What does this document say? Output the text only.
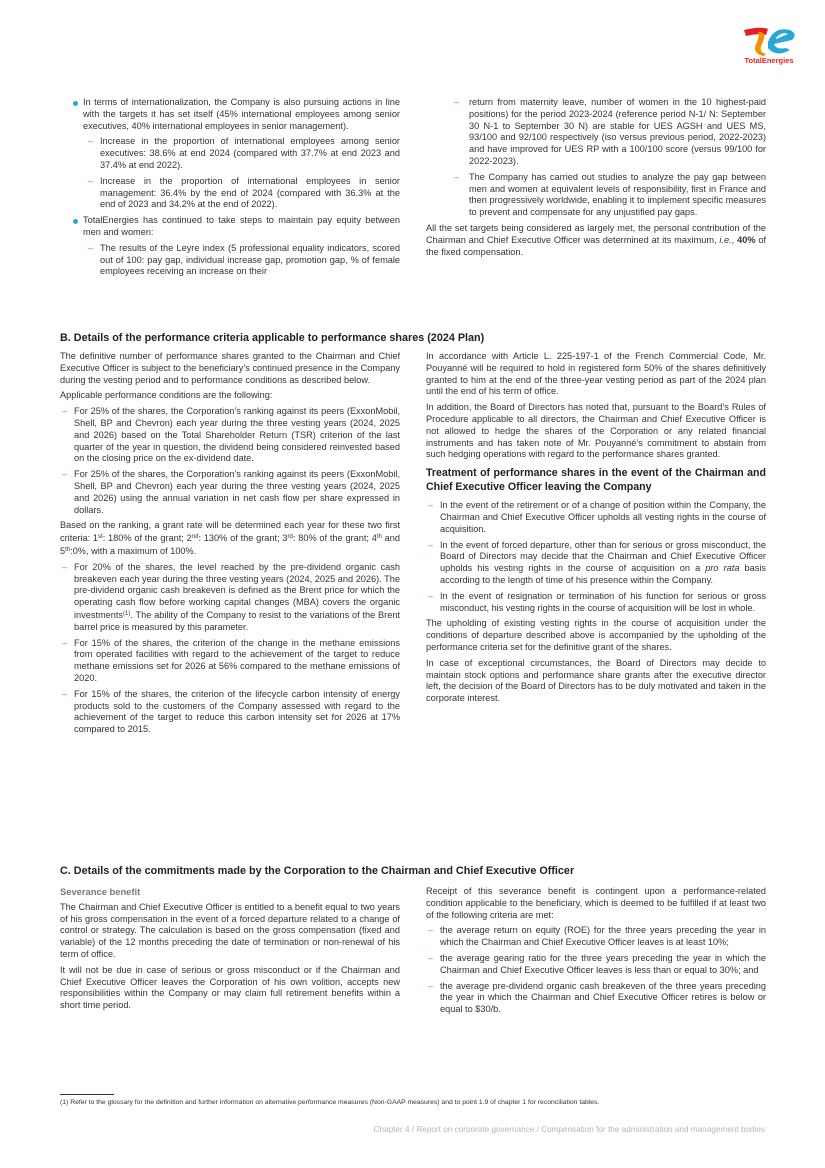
TotalEnergies

In terms of internationalization, the Company is also pursuing actions in line with the targets it has set itself (45% international employees among senior executives, 40% international employees in senior management).

– Increase in the proportion of international employees among senior executives: 38.6% at end 2024 (compared with 37.7% at end 2023 and 37.4% at end 2022).

– Increase in the proportion of international employees in senior management: 36.4% by the end of 2024 (compared with 36.3% at the end of 2023 and 34.2% at the end of 2022).

TotalEnergies has continued to take steps to maintain pay equity between men and women:

– The results of the Leyre index (5 professional equality indicators, scored out of 100: pay gap, individual increase gap, promotion gap, % of female employees receiving an increase on their

– return from maternity leave, number of women in the 10 highest-paid positions) for the period 2023-2024 (reference period N-1/ N: September 30 N-1 to September 30 N) are stable for UES AGSH and UES MS, 93/100 and 92/100 respectively (iso versus previous period, 2022-2023) and have improved for UES RP with a 100/100 score (versus 99/100 for 2022-2023).

– The Company has carried out studies to analyze the pay gap between men and women at equivalent levels of responsibility, first in France and then progressively worldwide, enabling it to implement specific measures to prevent and compensate for any unjustified pay gaps.

All the set targets being considered as largely met, the personal contribution of the Chairman and Chief Executive Officer was determined at its maximum, i.e., 40% of the fixed compensation.

B. Details of the performance criteria applicable to performance shares (2024 Plan)

The definitive number of performance shares granted to the Chairman and Chief Executive Officer is subject to the beneficiary’s continued presence in the Company during the vesting period and to performance conditions as described below.

Applicable performance conditions are the following:

– For 25% of the shares, the Corporation’s ranking against its peers (ExxonMobil, Shell, BP and Chevron) each year during the three vesting years (2024, 2025 and 2026) based on the Total Shareholder Return (TSR) criterion of the last quarter of the year in question, the dividend being considered reinvested based on the closing price on the ex-dividend date.

– For 25% of the shares, the Corporation’s ranking against its peers (ExxonMobil, Shell, BP and Chevron) each year during the three vesting years (2024, 2025 and 2026) using the annual variation in net cash flow per share expressed in dollars.

Based on the ranking, a grant rate will be determined each year for these two first criteria: 1st: 180% of the grant; 2nd: 130% of the grant; 3rd: 80% of the grant; 4th and 5th:0%, with a maximum of 100%.

– For 20% of the shares, the level reached by the pre-dividend organic cash breakeven each year during the three vesting years (2024, 2025 and 2026). The pre-dividend organic cash breakeven is defined as the Brent price for which the operating cash flow before working capital changes (MBA) covers the organic investments$^{(1)}$. The ability of the Company to resist to the variations of the Brent barrel price is measured by this parameter.

– For 15% of the shares, the criterion of the change in the methane emissions from operated facilities with regard to the achievement of the target to reduce methane emissions set for 2026 at 56% compared to the methane emissions of 2020.

– For 15% of the shares, the criterion of the lifecycle carbon intensity of energy products sold to the customers of the Company assessed with regard to the achievement of the target to reduce this carbon intensity set for 2026 at 17% compared to 2015.

In accordance with Article L. 225-197-1 of the French Commercial Code, Mr. Pouyanné will be required to hold in registered form 50% of the shares definitively granted to him at the end of the three-year vesting period as part of the 2024 plan until the end of his term of office.

In addition, the Board of Directors has noted that, pursuant to the Board’s Rules of Procedure applicable to all directors, the Chairman and Chief Executive Officer is not allowed to hedge the shares of the Corporation or any related financial instruments and has taken note of Mr. Pouyanné’s commitment to abstain from such hedging operations with regard to the performance shares granted.

Treatment of performance shares in the event of the Chairman and Chief Executive Officer leaving the Company

– In the event of the retirement or of a change of position within the Company, the Chairman and Chief Executive Officer upholds all vesting rights in the course of acquisition.

– In the event of forced departure, other than for serious or gross misconduct, the Board of Directors may decide that the Chairman and Chief Executive Officer upholds his vesting rights in the course of acquisition on a pro rata basis according to the length of time of his presence within the Company.

– In the event of resignation or termination of his function for serious or gross misconduct, his vesting rights in the course of acquisition will be lost in whole.

The upholding of existing vesting rights in the course of acquisition under the conditions of departure described above is accompanied by the upholding of the performance criteria set for the definitive grant of the shares.

In case of exceptional circumstances, the Board of Directors may decide to maintain stock options and performance share grants after the executive director left, the decision of the Board of Directors has to be duly motivated and taken in the corporate interest.

C. Details of the commitments made by the Corporation to the Chairman and Chief Executive Officer
Severance benefit

The Chairman and Chief Executive Officer is entitled to a benefit equal to two years of his gross compensation in the event of a forced departure related to a change of control or strategy. The calculation is based on the gross compensation (fixed and variable) of the 12 months preceding the date of termination or non-renewal of his term of office.

It will not be due in case of serious or gross misconduct or if the Chairman and Chief Executive Officer leaves the Corporation of his own volition, accepts new responsibilities within the Company or may claim full retirement benefits within a short time period.

Receipt of this severance benefit is contingent upon a performance-related condition applicable to the beneficiary, which is deemed to be fulfilled if at least two of the following criteria are met:

– the average return on equity (ROE) for the three years preceding the year in which the Chairman and Chief Executive Officer leaves is at least 10%;

– the average gearing ratio for the three years preceding the year in which the Chairman and Chief Executive Officer leaves is less than or equal to 30%; and

– the average pre-dividend organic cash breakeven of the three years preceding the year in which the Chairman and Chief Executive Officer retires is below or equal to $30/b.

(1) Refer to the glossary for the definition and further information on alternative performance measures (Non-GAAP measures) and to point 1.9 of chapter 1 for reconciliation tables.
Chapter 4 / Report on corporate governance / Compensation for the administration and management bodies
